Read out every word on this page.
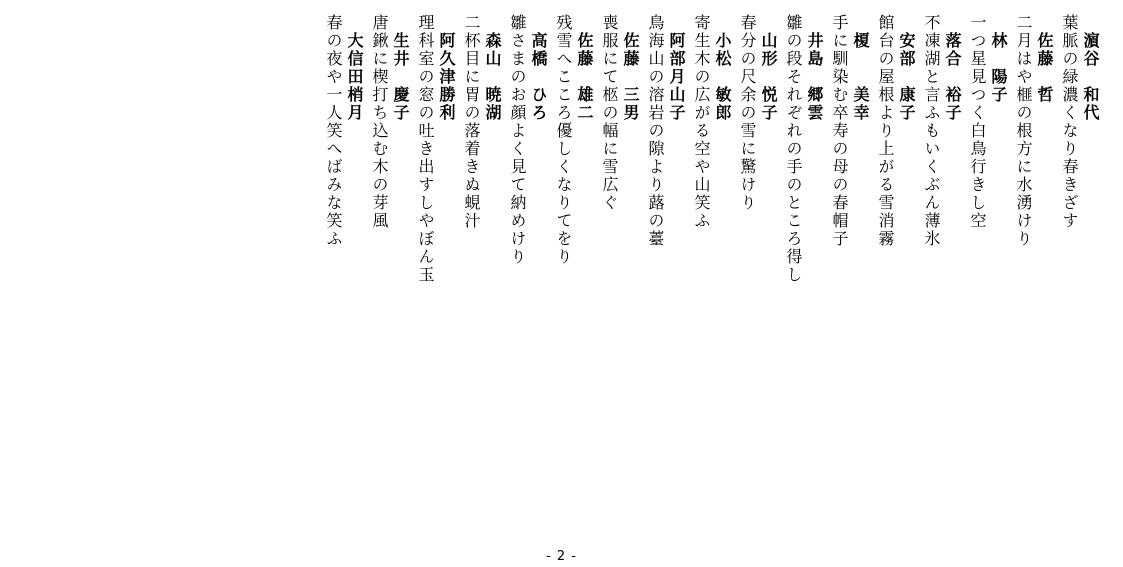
濵谷　和代
葉脈の緑濃くなり春きざす
佐藤　哲
二月はや榧の根方に水湧けり
林　陽子
一つ星見つく白鳥行きし空
落合　裕子
不凍湖と言ふもいくぶん薄氷
安部　康子
館台の屋根より上がる雪消霧
榎　　美幸
手に馴染む卒寿の母の春帽子
井島　郷雲
雛の段それぞれの手のところ得し
山形　悦子
春分の尺余の雪に驚けり
小松　敏郎
寄生木の広がる空や山笑ふ
阿部月山子
鳥海山の溶岩の隙より蕗の薹
佐藤　三男
喪服にて柩の幅に雪広ぐ
佐藤　雄二
残雪へこころ優しくなりてをり
高橋　ひろ
雛さまのお顔よく見て納めけり
森山　暁湖
二杯目に胃の落着きぬ蜆汁
阿久津勝利
理科室の窓の吐き出すしやぼん玉
生井　慶子
唐鍬に楔打ち込む木の芽風
大信田梢月
春の夜や一人笑へばみな笑ふ
- 2 -
